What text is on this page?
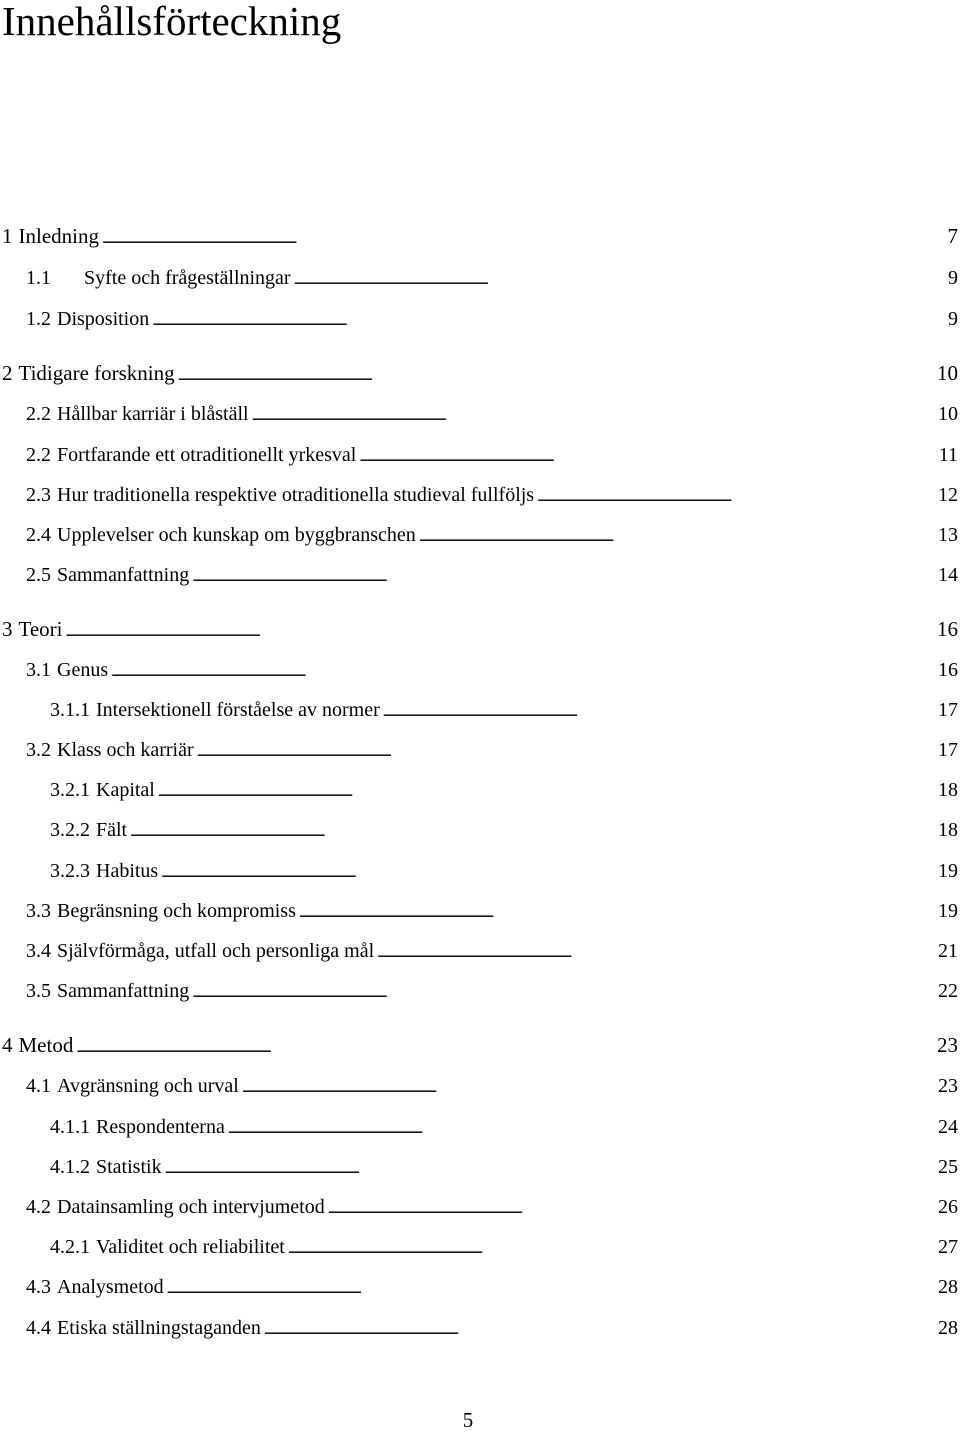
Innehållsförteckning
1 Inledning . . .	7
1.1	Syfte och frågeställningar . . .	9
1.2 Disposition . . .	9
2 Tidigare forskning . . .	10
2.2 Hållbar karriär i blåställ . . .	10
2.2 Fortfarande ett otraditionellt yrkesval . . .	11
2.3 Hur traditionella respektive otraditionella studieval fullföljs . . .	12
2.4 Upplevelser och kunskap om byggbranschen . . .	13
2.5 Sammanfattning . . .	14
3 Teori . . .	16
3.1 Genus . . .	16
3.1.1 Intersektionell förståelse av normer . . .	17
3.2 Klass och karriär . . .	17
3.2.1 Kapital . . .	18
3.2.2 Fält . . .	18
3.2.3 Habitus . . .	19
3.3 Begränsning och kompromiss . . .	19
3.4 Självförmåga, utfall och personliga mål . . .	21
3.5 Sammanfattning . . .	22
4 Metod . . .	23
4.1 Avgränsning och urval . . .	23
4.1.1 Respondenterna . . .	24
4.1.2 Statistik . . .	25
4.2 Datainsamling och intervjumetod . . .	26
4.2.1 Validitet och reliabilitet . . .	27
4.3 Analysmetod . . .	28
4.4 Etiska ställningstaganden . . .	28
5
